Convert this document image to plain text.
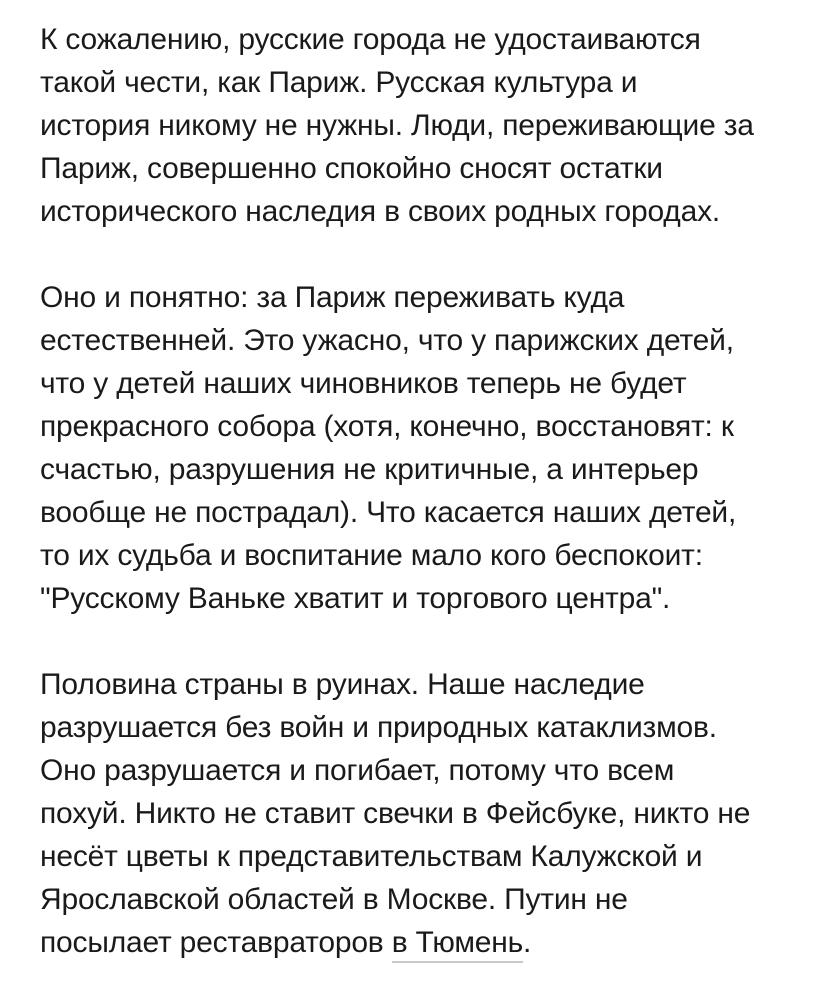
К сожалению, русские города не удостаиваются
такой чести, как Париж. Русская культура и
история никому не нужны. Люди, переживающие за
Париж, совершенно спокойно сносят остатки
исторического наследия в своих родных городах.

Оно и понятно: за Париж переживать куда
естественней. Это ужасно, что у парижских детей,
что у детей наших чиновников теперь не будет
прекрасного собора (хотя, конечно, восстановят: к
счастью, разрушения не критичные, а интерьер
вообще не пострадал). Что касается наших детей,
то их судьба и воспитание мало кого беспокоит:
"Русскому Ваньке хватит и торгового центра".

Половина страны в руинах. Наше наследие
разрушается без войн и природных катаклизмов.
Оно разрушается и погибает, потому что всем
похуй. Никто не ставит свечки в Фейсбуке, никто не
несёт цветы к представительствам Калужской и
Ярославской областей в Москве. Путин не
посылает реставраторов в Тюмень.
